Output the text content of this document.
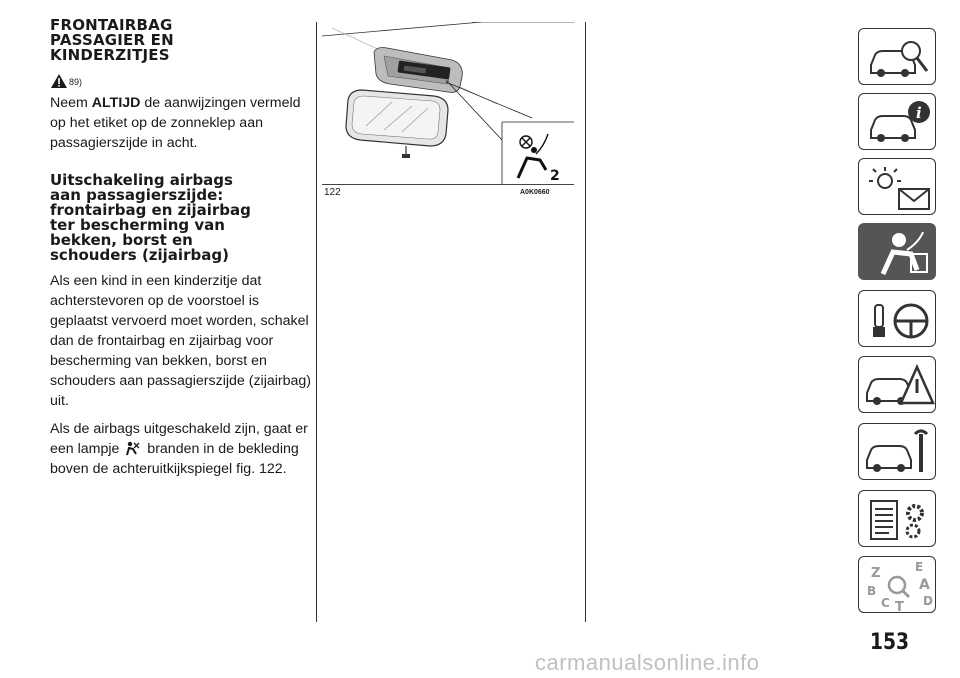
FRONTAIRBAG
PASSAGIER EN
KINDERZITJES
89)

Neem ALTIJD de aanwijzingen vermeld op het etiket op de zonneklep aan passagierszijde in acht.

Uitschakeling airbags
aan passagierszijde:
frontairbag en zijairbag
ter bescherming van
bekken, borst en
schouders (zijairbag)

Als een kind in een kinderzitje dat achterstevoren op de voorstoel is geplaatst vervoerd moet worden, schakel dan de frontairbag en zijairbag voor bescherming van bekken, borst en schouders aan passagierszijde (zijairbag) uit.

Als de airbags uitgeschakeld zijn, gaat er een lampje  branden in de bekleding boven de achteruitkijkspiegel fig. 122.

2
122	A0K0660
i
Z	E
B	A
C T D
153
carmanualsonline.info
